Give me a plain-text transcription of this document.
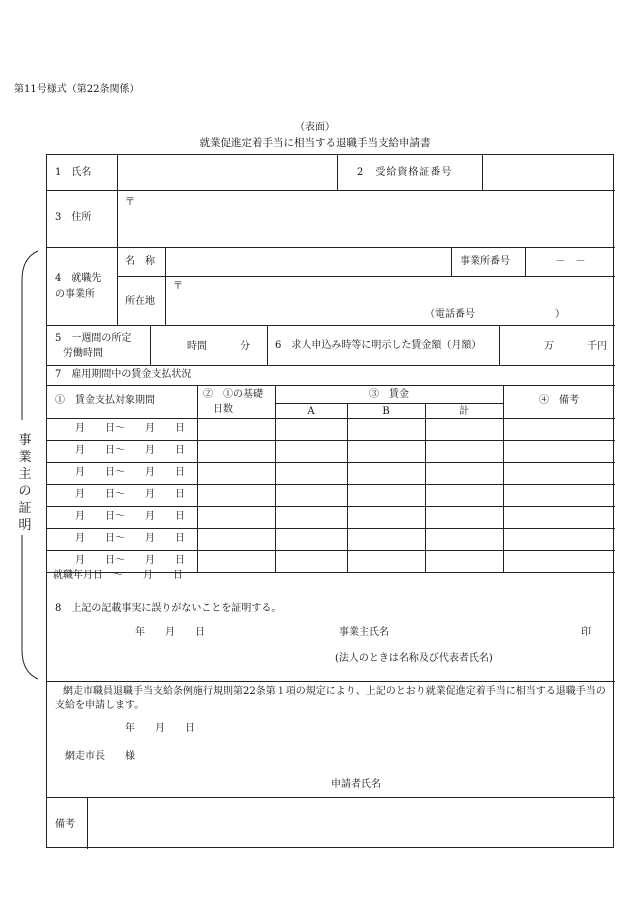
第11号様式（第22条関係）
（表面）
就業促進定着手当に相当する退職手当支給申請書
事業主の証明
1　氏名	2　受給資格証番号
3　住所
〒
4　就職先
の事業所
名　称	事業所番号	－　－
所在地
〒
（電話番号　　　　　　　　）
5　一週間の所定
労働時間
時間	分	6　求人申込み時等に明示した賃金額（月額）	万	千円
7　雇用期間中の賃金支払状況
①　賃金支払対象期間
②　①の基礎
日数
③　賃金
A	B	計
④　備考
月　　日～　　月　　日
月　　日～　　月　　日
月　　日～　　月　　日
月　　日～　　月　　日
月　　日～　　月　　日
月　　日～　　月　　日
月　　日～　　月　　日
就職年月日　～　　月　　日
8　上記の記載事実に誤りがないことを証明する。
年　　月　　日	事業主氏名	印
(法人のときは名称及び代表者氏名)
網走市職員退職手当支給条例施行規則第22条第１項の規定により、上記のとおり就業促進定着手当に相当する退職手当の支給を申請します。
年　　月　　日
網走市長　　様
申請者氏名
備考
